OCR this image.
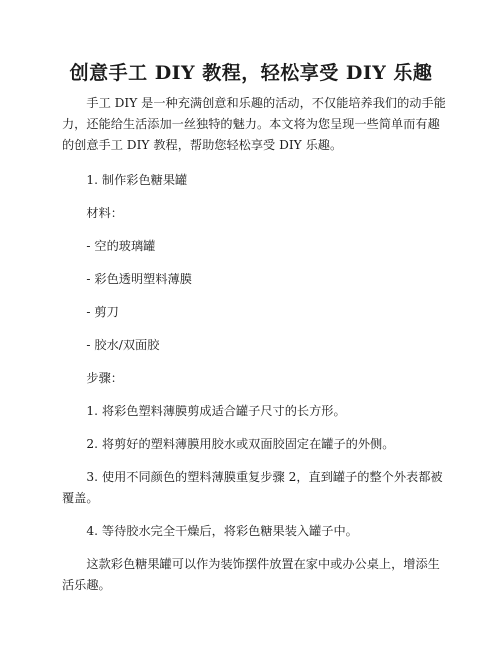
创意手工 DIY 教程，轻松享受 DIY 乐趣

手工 DIY 是一种充满创意和乐趣的活动，不仅能培养我们的动手能力，还能给生活添加一丝独特的魅力。本文将为您呈现一些简单而有趣的创意手工 DIY 教程，帮助您轻松享受 DIY 乐趣。

1. 制作彩色糖果罐

材料：

- 空的玻璃罐

- 彩色透明塑料薄膜

- 剪刀

- 胶水/双面胶

步骤：

1. 将彩色塑料薄膜剪成适合罐子尺寸的长方形。

2. 将剪好的塑料薄膜用胶水或双面胶固定在罐子的外侧。

3. 使用不同颜色的塑料薄膜重复步骤 2，直到罐子的整个外表都被覆盖。

4. 等待胶水完全干燥后，将彩色糖果装入罐子中。

这款彩色糖果罐可以作为装饰摆件放置在家中或办公桌上，增添生活乐趣。
